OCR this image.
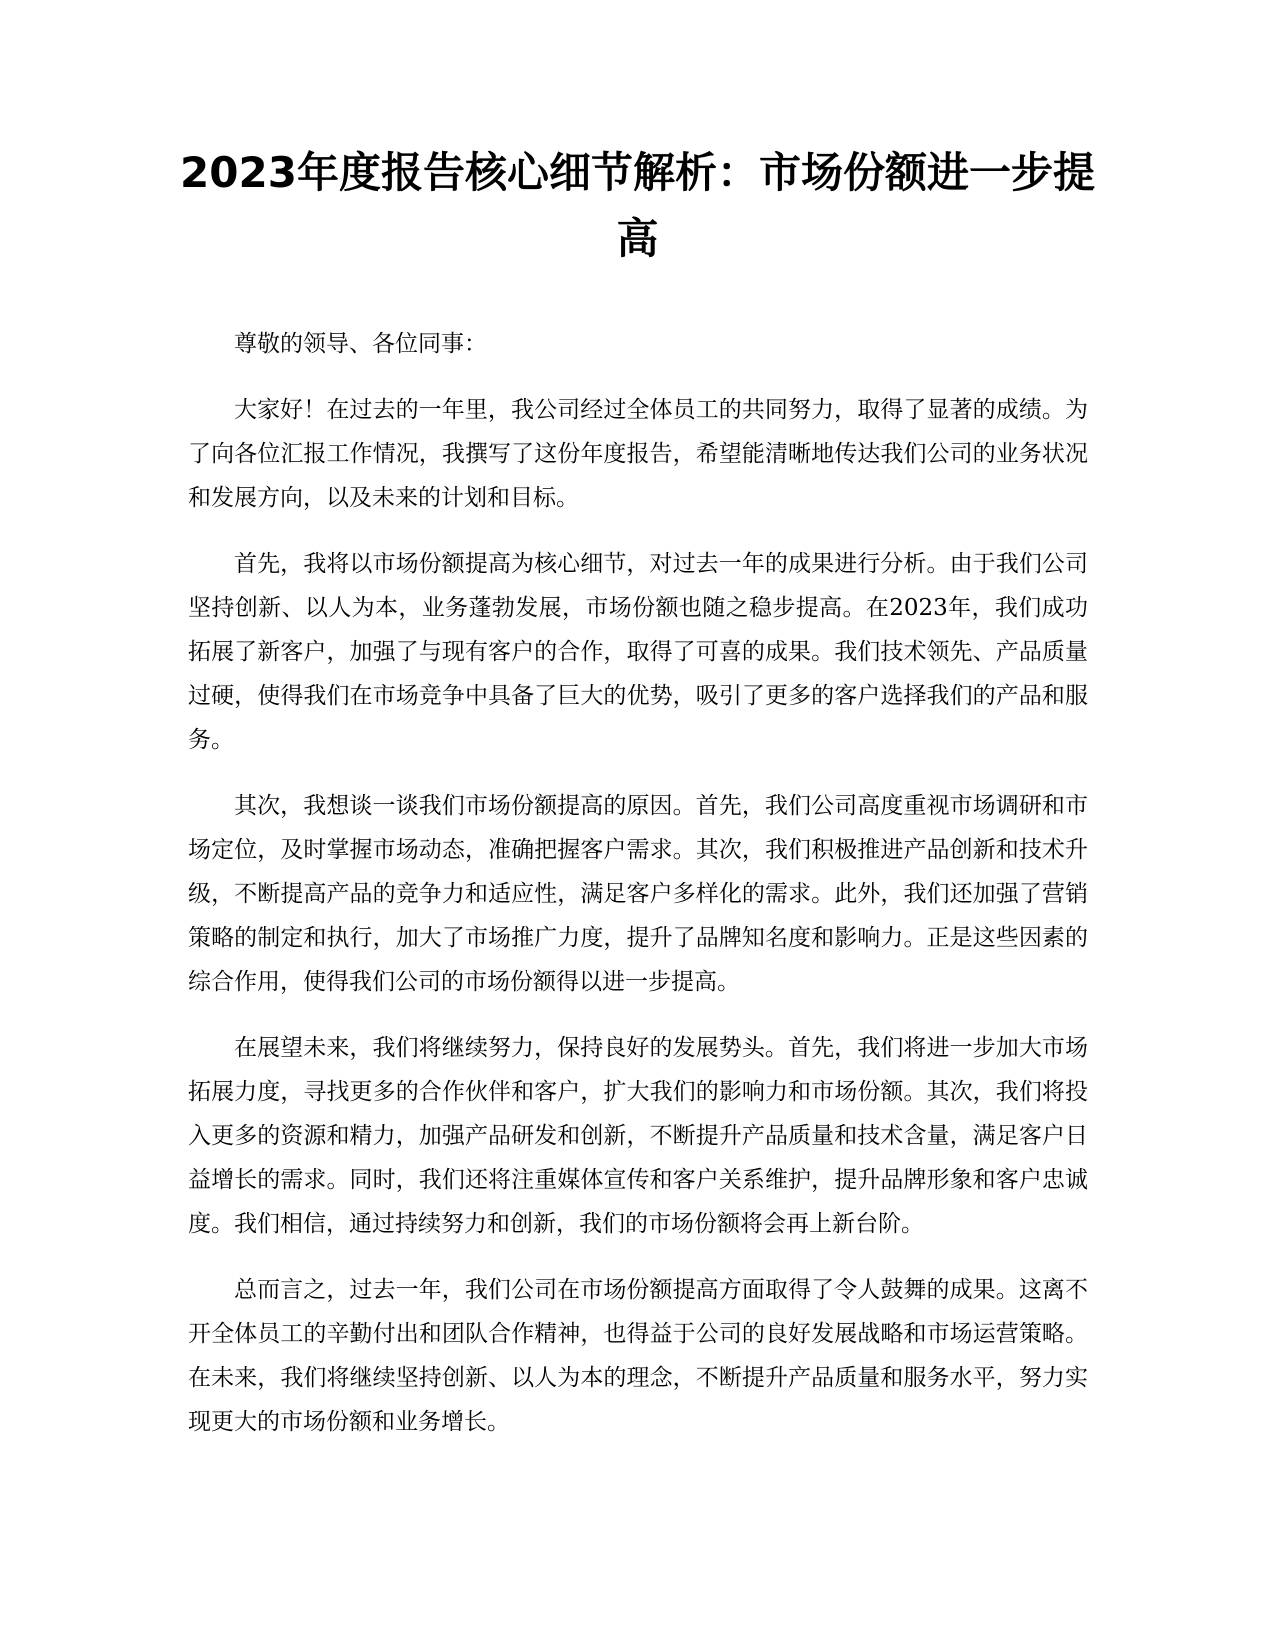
2023年度报告核心细节解析：市场份额进一步提高

尊敬的领导、各位同事：

大家好！在过去的一年里，我公司经过全体员工的共同努力，取得了显著的成绩。为了向各位汇报工作情况，我撰写了这份年度报告，希望能清晰地传达我们公司的业务状况和发展方向，以及未来的计划和目标。

首先，我将以市场份额提高为核心细节，对过去一年的成果进行分析。由于我们公司坚持创新、以人为本，业务蓬勃发展，市场份额也随之稳步提高。在2023年，我们成功拓展了新客户，加强了与现有客户的合作，取得了可喜的成果。我们技术领先、产品质量过硬，使得我们在市场竞争中具备了巨大的优势，吸引了更多的客户选择我们的产品和服务。

其次，我想谈一谈我们市场份额提高的原因。首先，我们公司高度重视市场调研和市场定位，及时掌握市场动态，准确把握客户需求。其次，我们积极推进产品创新和技术升级，不断提高产品的竞争力和适应性，满足客户多样化的需求。此外，我们还加强了营销策略的制定和执行，加大了市场推广力度，提升了品牌知名度和影响力。正是这些因素的综合作用，使得我们公司的市场份额得以进一步提高。

在展望未来，我们将继续努力，保持良好的发展势头。首先，我们将进一步加大市场拓展力度，寻找更多的合作伙伴和客户，扩大我们的影响力和市场份额。其次，我们将投入更多的资源和精力，加强产品研发和创新，不断提升产品质量和技术含量，满足客户日益增长的需求。同时，我们还将注重媒体宣传和客户关系维护，提升品牌形象和客户忠诚度。我们相信，通过持续努力和创新，我们的市场份额将会再上新台阶。

总而言之，过去一年，我们公司在市场份额提高方面取得了令人鼓舞的成果。这离不开全体员工的辛勤付出和团队合作精神，也得益于公司的良好发展战略和市场运营策略。在未来，我们将继续坚持创新、以人为本的理念，不断提升产品质量和服务水平，努力实现更大的市场份额和业务增长。
